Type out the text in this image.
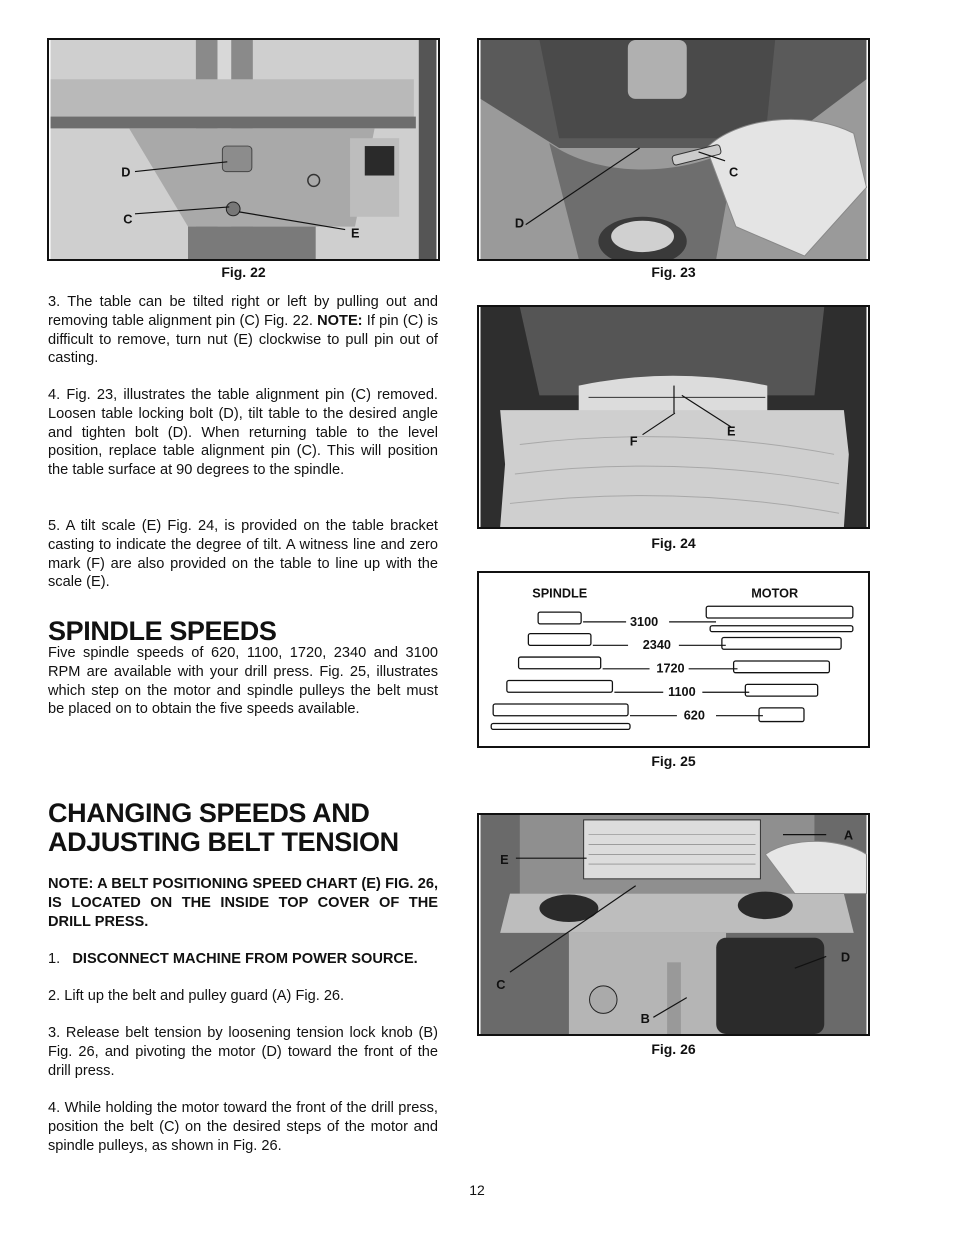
D
C
E
Fig. 22
C
D
Fig. 23
F
E
Fig. 24
SPINDLE	MOTOR
3100
2340
1720
1100
620
Fig. 25
A
E
D
C
B
Fig. 26

3. The table can be tilted right or left by pulling out and removing table alignment pin (C) Fig. 22. NOTE: If pin (C) is difficult to remove, turn nut (E) clockwise to pull pin out of casting.

4. Fig. 23, illustrates the table alignment pin (C) removed. Loosen table locking bolt (D), tilt table to the desired angle and tighten bolt (D). When returning table to the level position, replace table alignment pin (C). This will position the table surface at 90 degrees to the spindle.

5. A tilt scale (E) Fig. 24, is provided on the table bracket casting to indicate the degree of tilt. A witness line and zero mark (F) are also provided on the table to line up with the scale (E).

SPINDLE SPEEDS

Five spindle speeds of 620, 1100, 1720, 2340 and 3100 RPM are available with your drill press. Fig. 25, illustrates which step on the motor and spindle pulleys the belt must be placed on to obtain the five speeds available.

CHANGING SPEEDS AND
ADJUSTING BELT TENSION

NOTE: A BELT POSITIONING SPEED CHART (E) FIG. 26, IS LOCATED ON THE INSIDE TOP COVER OF THE DRILL PRESS.

1. DISCONNECT MACHINE FROM POWER SOURCE.

2. Lift up the belt and pulley guard (A) Fig. 26.

3. Release belt tension by loosening tension lock knob (B) Fig. 26, and pivoting the motor (D) toward the front of the drill press.

4. While holding the motor toward the front of the drill press, position the belt (C) on the desired steps of the motor and spindle pulleys, as shown in Fig. 26.

12
